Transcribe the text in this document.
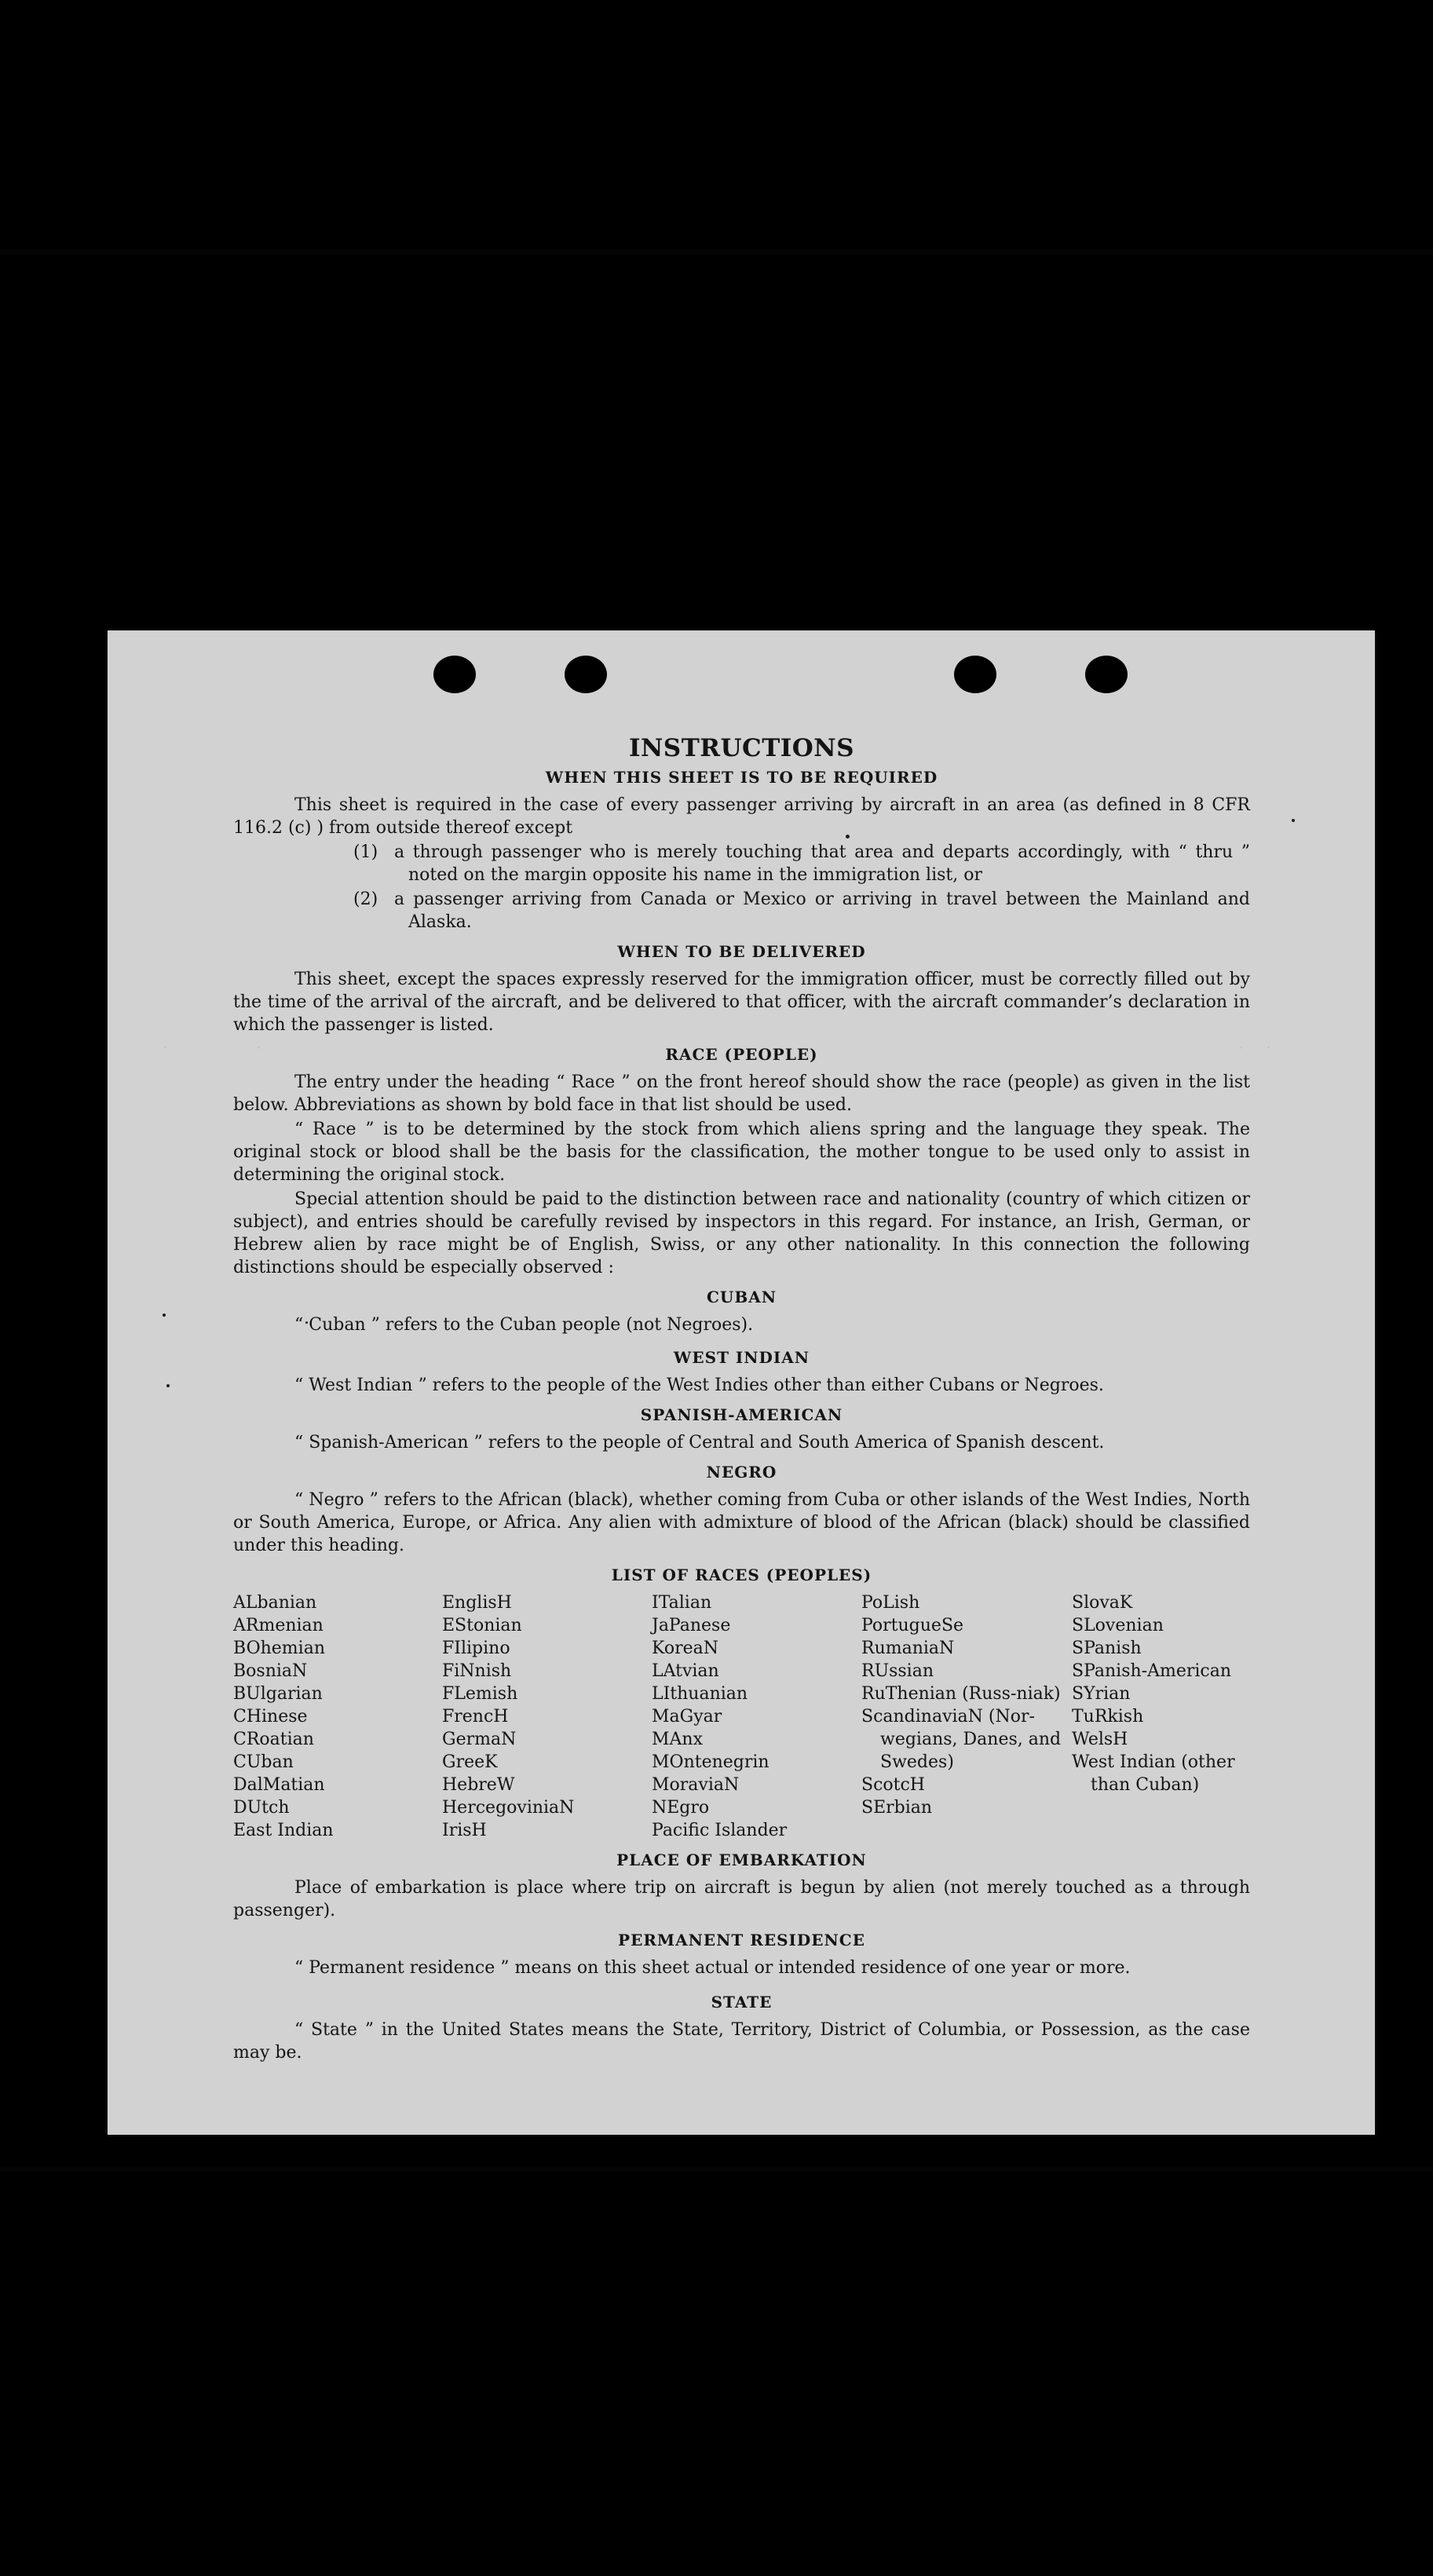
·                ·	·    ·
INSTRUCTIONS
WHEN THIS SHEET IS TO BE REQUIRED

This sheet is required in the case of every passenger arriving by aircraft in an area (as defined in 8 CFR 116.2 (c) ) from outside thereof except

(1) a through passenger who is merely touching that area and departs accordingly, with “ thru ” noted on the margin opposite his name in the immigration list, or
(2) a passenger arriving from Canada or Mexico or arriving in travel between the Mainland and Alaska.
WHEN TO BE DELIVERED

This sheet, except the spaces expressly reserved for the immigration officer, must be correctly filled out by the time of the arrival of the aircraft, and be delivered to that officer, with the aircraft commander’s declaration in which the passenger is listed.

RACE (PEOPLE)

The entry under the heading “ Race ” on the front hereof should show the race (people) as given in the list below. Abbreviations as shown by bold face in that list should be used.

“ Race ” is to be determined by the stock from which aliens spring and the language they speak. The original stock or blood shall be the basis for the classification, the mother tongue to be used only to assist in determining the original stock.

Special attention should be paid to the distinction between race and nationality (country of which citizen or subject), and entries should be carefully revised by inspectors in this regard. For instance, an Irish, German, or Hebrew alien by race might be of English, Swiss, or any other nationality. In this connection the following distinctions should be especially observed :

CUBAN

“ Cuban ” refers to the Cuban people (not Negroes).

WEST INDIAN

“ West Indian ” refers to the people of the West Indies other than either Cubans or Negroes.

SPANISH-AMERICAN

“ Spanish-American ” refers to the people of Central and South America of Spanish descent.

NEGRO

“ Negro ” refers to the African (black), whether coming from Cuba or other islands of the West Indies, North or South America, Europe, or Africa. Any alien with admixture of blood of the African (black) should be classified under this heading.

LIST OF RACES (PEOPLES)
ALbanian
ARmenian
BOhemian
BosniaN
BUlgarian
CHinese
CRoatian
CUban
DalMatian
DUtch
East Indian
EnglisH
EStonian
FIlipino
FiNnish
FLemish
FrencH
GermaN
GreeK
HebreW
HercegoviniaN
IrisH
ITalian
JaPanese
KoreaN
LAtvian
LIthuanian
MaGyar
MAnx
MOntenegrin
MoraviaN
NEgro
Pacific Islander
PoLish
PortugueSe
RumaniaN
RUssian
RuThenian (Russ-niak)
ScandinaviaN (Nor-wegians, Danes, and Swedes)
ScotcH
SErbian
SlovaK
SLovenian
SPanish
SPanish-American
SYrian
TuRkish
WelsH
West Indian (other than Cuban)
PLACE OF EMBARKATION

Place of embarkation is place where trip on aircraft is begun by alien (not merely touched as a through passenger).

PERMANENT RESIDENCE

“ Permanent residence ” means on this sheet actual or intended residence of one year or more.

STATE

“ State ” in the United States means the State, Territory, District of Columbia, or Possession, as the case may be.
